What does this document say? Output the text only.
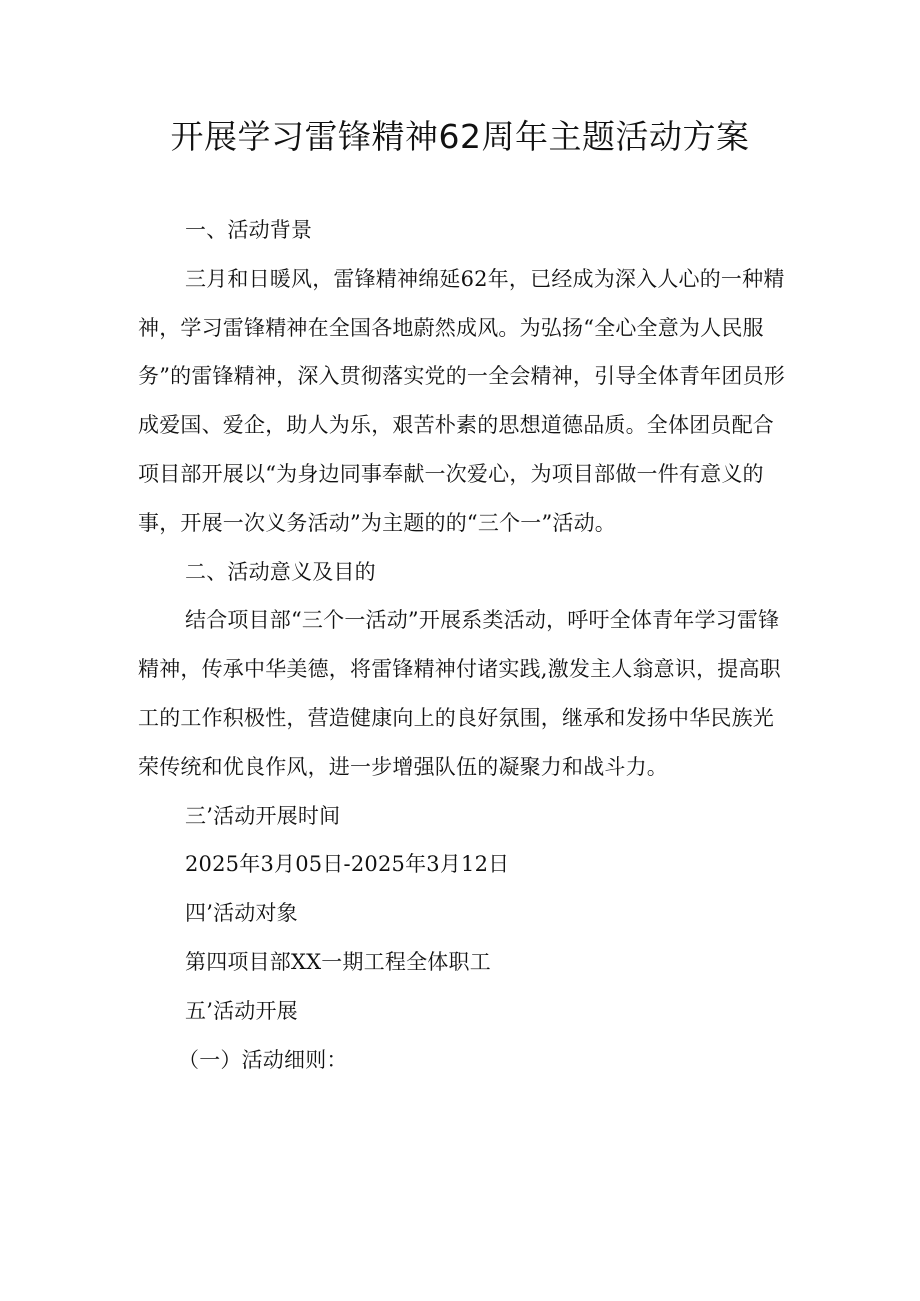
开展学习雷锋精神62周年主题活动方案

一、活动背景

三月和日暖风，雷锋精神绵延62年，已经成为深入人心的一种精神，学习雷锋精神在全国各地蔚然成风。为弘扬“全心全意为人民服务”的雷锋精神，深入贯彻落实党的一全会精神，引导全体青年团员形成爱国、爱企，助人为乐，艰苦朴素的思想道德品质。全体团员配合项目部开展以“为身边同事奉献一次爱心，为项目部做一件有意义的事，开展一次义务活动”为主题的的“三个一”活动。

二、活动意义及目的

结合项目部“三个一活动”开展系类活动，呼吁全体青年学习雷锋精神，传承中华美德，将雷锋精神付诸实践,激发主人翁意识，提高职工的工作积极性，营造健康向上的良好氛围，继承和发扬中华民族光荣传统和优良作风，进一步增强队伍的凝聚力和战斗力。

三’活动开展时间

2025年3月05日-2025年3月12日

四’活动对象

第四项目部XX一期工程全体职工

五’活动开展

（一）活动细则：
